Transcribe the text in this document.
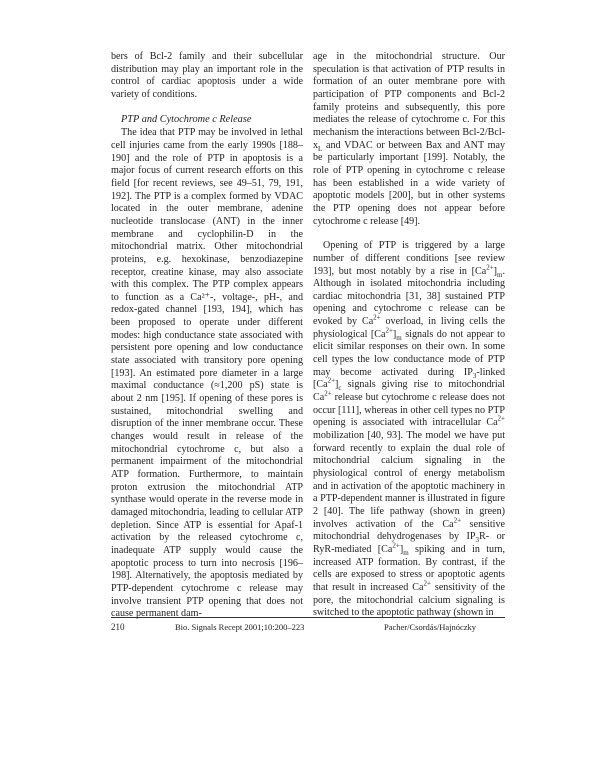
bers of Bcl-2 family and their subcellular distribution may play an important role in the control of cardiac apoptosis under a wide variety of conditions.

PTP and Cytochrome c Release

The idea that PTP may be involved in lethal cell injuries came from the early 1990s [188–190] and the role of PTP in apoptosis is a major focus of current research efforts on this field [for recent reviews, see 49–51, 79, 191, 192]. The PTP is a complex formed by VDAC located in the outer membrane, adenine nucleotide translocase (ANT) in the inner membrane and cyclophilin-D in the mitochondrial matrix. Other mitochondrial proteins, e.g. hexokinase, benzodiazepine receptor, creatine kinase, may also associate with this complex. The PTP complex appears to function as a Ca²⁺-, voltage-, pH-, and redox-gated channel [193, 194], which has been proposed to operate under different modes: high conductance state associated with persistent pore opening and low conductance state associated with transitory pore opening [193]. An estimated pore diameter in a large maximal conductance (≈1,200 pS) state is about 2 nm [195]. If opening of these pores is sustained, mitochondrial swelling and disruption of the inner membrane occur. These changes would result in release of the mitochondrial cytochrome c, but also a permanent impairment of the mitochondrial ATP formation. Furthermore, to maintain proton extrusion the mitochondrial ATP synthase would operate in the reverse mode in damaged mitochondria, leading to cellular ATP depletion. Since ATP is essential for Apaf-1 activation by the released cytochrome c, inadequate ATP supply would cause the apoptotic process to turn into necrosis [196–198]. Alternatively, the apoptosis mediated by PTP-dependent cytochrome c release may involve transient PTP opening that does not cause permanent dam-

age in the mitochondrial structure. Our speculation is that activation of PTP results in formation of an outer membrane pore with participation of PTP components and Bcl-2 family proteins and subsequently, this pore mediates the release of cytochrome c. For this mechanism the interactions between Bcl-$2/Bcl-x_L$ and VDAC or between Bax and ANT may be particularly important [199]. Notably, the role of PTP opening in cytochrome c release has been established in a wide variety of apoptotic models [200], but in other systems the PTP opening does not appear before cytochrome c release [49].

Opening of PTP is triggered by a large number of different conditions [see review 193], but most notably by a rise in $[Ca^{2+}]_m$. Although in isolated mitochondria including cardiac mitochondria [31, 38] sustained PTP opening and cytochrome c release can be evoked by $Ca^{2+}$ overload, in living cells the physiological $[Ca^{2+}]_m$ signals do not appear to elicit similar responses on their own. In some cell types the low conductance mode of PTP may become activated during $IP_3$-linked $[Ca^{2+}]_c$ signals giving rise to mitochondrial $Ca^{2+}$ release but cytochrome c release does not occur [111], whereas in other cell types no PTP opening is associated with intracellular $Ca^{2+}$ mobilization [40, 93]. The model we have put forward recently to explain the dual role of mitochondrial calcium signaling in the physiological control of energy metabolism and in activation of the apoptotic machinery in a PTP-dependent manner is illustrated in figure 2 [40]. The life pathway (shown in green) involves activation of the $Ca^{2+}$ sensitive mitochondrial dehydrogenases by $IP_3R-$ or RyR-mediated $[Ca^{2+}]_m$ spiking and in turn, increased ATP formation. By contrast, if the cells are exposed to stress or apoptotic agents that result in increased $Ca^{2+}$ sensitivity of the pore, the mitochondrial calcium signaling is switched to the apoptotic pathway (shown in

210	Bio. Signals Recept 2001;10:200–223	Pacher/Csordás/Hajnóczky
